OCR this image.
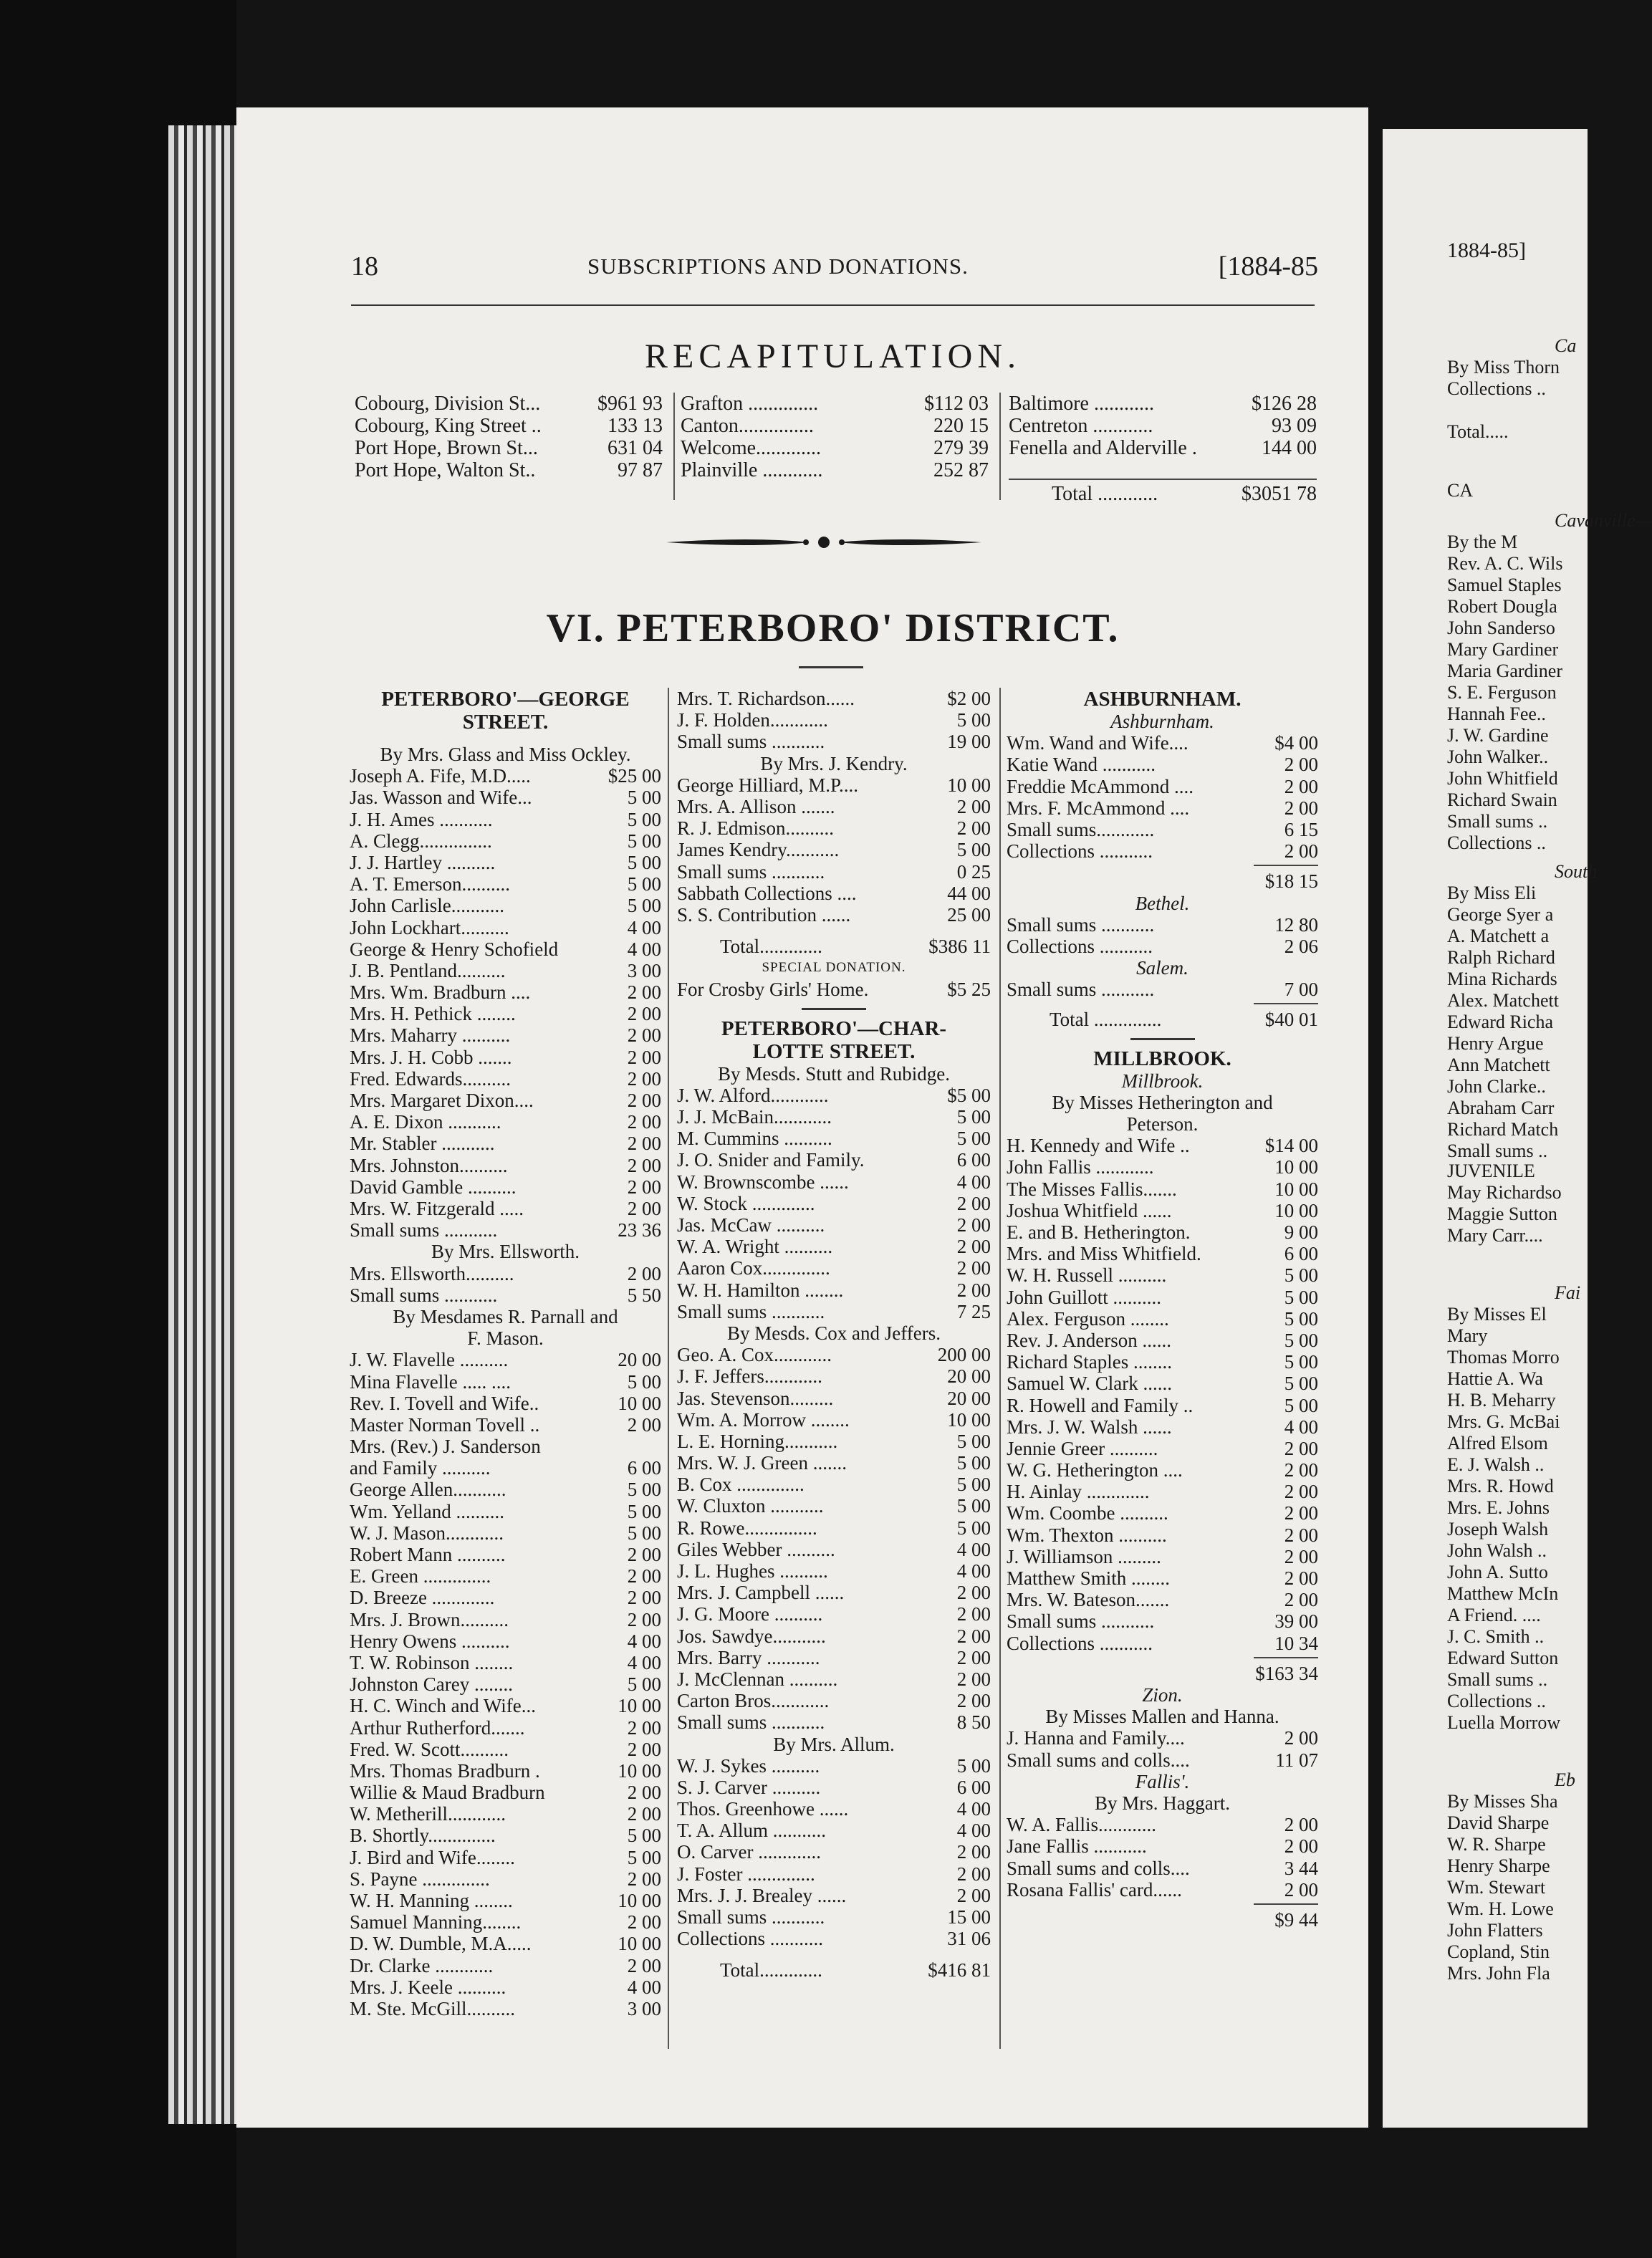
1884-85]
Ca
By Miss Thorn
Collections ..
Total.....
CA
Cavanville—
By the M
Rev. A. C. Wils
Samuel Staples
Robert Dougla
John Sanderso
Mary Gardiner
Maria Gardiner
S. E. Ferguson
Hannah Fee..
J. W. Gardine
John Walker..
John Whitfield
Richard Swain
Small sums ..
Collections ..
South
By Miss Eli
George Syer a
A. Matchett a
Ralph Richard
Mina Richards
Alex. Matchett
Edward Richa
Henry Argue
Ann Matchett
John Clarke..
Abraham Carr
Richard Match
Small sums ..
JUVENILE
May Richardso
Maggie Sutton
Mary Carr....
Fai
By Misses El
Mary
Thomas Morro
Hattie A. Wa
H. B. Meharry
Mrs. G. McBai
Alfred Elsom
E. J. Walsh ..
Mrs. R. Howd
Mrs. E. Johns
Joseph Walsh
John Walsh ..
John A. Sutto
Matthew McIn
A Friend. ....
J. C. Smith ..
Edward Sutton
Small sums ..
Collections ..
Luella Morrow
Eb
By Misses Sha
David Sharpe
W. R. Sharpe
Henry Sharpe
Wm. Stewart
Wm. H. Lowe
John Flatters
Copland, Stin
Mrs. John Fla
18	SUBSCRIPTIONS AND DONATIONS.	[1884-85
RECAPITULATION.
Cobourg, Division St...	$961 93
Cobourg, King Street ..	133 13
Port Hope, Brown St...	631 04
Port Hope, Walton St..	97 87
Grafton ..............	$112 03
Canton...............	220 15
Welcome.............	279 39
Plainville ............	252 87
Baltimore ............	$126 28
Centreton ............	93 09
Fenella and Alderville .	144 00
Total ............	$3051 78
VI. PETERBORO' DISTRICT.
PETERBORO'—GEORGE
STREET.
By Mrs. Glass and Miss Ockley.
Joseph A. Fife, M.D.....	$25 00
Jas. Wasson and Wife...	5 00
J. H. Ames ...........	5 00
A. Clegg...............	5 00
J. J. Hartley ..........	5 00
A. T. Emerson..........	5 00
John Carlisle...........	5 00
John Lockhart..........	4 00
George & Henry Schofield	4 00
J. B. Pentland..........	3 00
Mrs. Wm. Bradburn ....	2 00
Mrs. H. Pethick ........	2 00
Mrs. Maharry ..........	2 00
Mrs. J. H. Cobb .......	2 00
Fred. Edwards..........	2 00
Mrs. Margaret Dixon....	2 00
A. E. Dixon ...........	2 00
Mr. Stabler ...........	2 00
Mrs. Johnston..........	2 00
David Gamble ..........	2 00
Mrs. W. Fitzgerald .....	2 00
Small sums ...........	23 36
By Mrs. Ellsworth.
Mrs. Ellsworth..........	2 00
Small sums ...........	5 50
By Mesdames R. Parnall and
F. Mason.
J. W. Flavelle ..........	20 00
Mina Flavelle ..... ....	5 00
Rev. I. Tovell and Wife..	10 00
Master Norman Tovell ..	2 00
Mrs. (Rev.) J. Sanderson
and Family ..........	6 00
George Allen...........	5 00
Wm. Yelland ..........	5 00
W. J. Mason............	5 00
Robert Mann ..........	2 00
E. Green ..............	2 00
D. Breeze .............	2 00
Mrs. J. Brown..........	2 00
Henry Owens ..........	4 00
T. W. Robinson ........	4 00
Johnston Carey ........	5 00
H. C. Winch and Wife...	10 00
Arthur Rutherford.......	2 00
Fred. W. Scott..........	2 00
Mrs. Thomas Bradburn .	10 00
Willie & Maud Bradburn	2 00
W. Metherill............	2 00
B. Shortly..............	5 00
J. Bird and Wife........	5 00
S. Payne ..............	2 00
W. H. Manning ........	10 00
Samuel Manning........	2 00
D. W. Dumble, M.A.....	10 00
Dr. Clarke ............	2 00
Mrs. J. Keele ..........	4 00
M. Ste. McGill..........	3 00
Mrs. T. Richardson......	$2 00
J. F. Holden............	5 00
Small sums ...........	19 00
By Mrs. J. Kendry.
George Hilliard, M.P....	10 00
Mrs. A. Allison .......	2 00
R. J. Edmison..........	2 00
James Kendry...........	5 00
Small sums ...........	0 25
Sabbath Collections ....	44 00
S. S. Contribution ......	25 00
Total.............	$386 11
SPECIAL DONATION.
For Crosby Girls' Home.	$5 25
PETERBORO'—CHAR-
LOTTE STREET.
By Mesds. Stutt and Rubidge.
J. W. Alford............	$5 00
J. J. McBain............	5 00
M. Cummins ..........	5 00
J. O. Snider and Family.	6 00
W. Brownscombe ......	4 00
W. Stock .............	2 00
Jas. McCaw ..........	2 00
W. A. Wright ..........	2 00
Aaron Cox..............	2 00
W. H. Hamilton ........	2 00
Small sums ...........	7 25
By Mesds. Cox and Jeffers.
Geo. A. Cox............	200 00
J. F. Jeffers............	20 00
Jas. Stevenson.........	20 00
Wm. A. Morrow ........	10 00
L. E. Horning...........	5 00
Mrs. W. J. Green .......	5 00
B. Cox ..............	5 00
W. Cluxton ...........	5 00
R. Rowe...............	5 00
Giles Webber ..........	4 00
J. L. Hughes ..........	4 00
Mrs. J. Campbell ......	2 00
J. G. Moore ..........	2 00
Jos. Sawdye...........	2 00
Mrs. Barry ...........	2 00
J. McClennan ..........	2 00
Carton Bros............	2 00
Small sums ...........	8 50
By Mrs. Allum.
W. J. Sykes ..........	5 00
S. J. Carver ..........	6 00
Thos. Greenhowe ......	4 00
T. A. Allum ...........	4 00
O. Carver .............	2 00
J. Foster ..............	2 00
Mrs. J. J. Brealey ......	2 00
Small sums ...........	15 00
Collections ...........	31 06
Total.............	$416 81
ASHBURNHAM.
Ashburnham.
Wm. Wand and Wife....	$4 00
Katie Wand ...........	2 00
Freddie McAmmond ....	2 00
Mrs. F. McAmmond ....	2 00
Small sums............	6 15
Collections ...........	2 00
$18 15
Bethel.
Small sums ...........	12 80
Collections ...........	2 06
Salem.
Small sums ...........	7 00
Total ..............	$40 01
MILLBROOK.
Millbrook.
By Misses Hetherington and
Peterson.
H. Kennedy and Wife ..	$14 00
John Fallis ............	10 00
The Misses Fallis.......	10 00
Joshua Whitfield ......	10 00
E. and B. Hetherington.	9 00
Mrs. and Miss Whitfield.	6 00
W. H. Russell ..........	5 00
John Guillott ..........	5 00
Alex. Ferguson ........	5 00
Rev. J. Anderson ......	5 00
Richard Staples ........	5 00
Samuel W. Clark ......	5 00
R. Howell and Family ..	5 00
Mrs. J. W. Walsh ......	4 00
Jennie Greer ..........	2 00
W. G. Hetherington ....	2 00
H. Ainlay .............	2 00
Wm. Coombe ..........	2 00
Wm. Thexton ..........	2 00
J. Williamson .........	2 00
Matthew Smith ........	2 00
Mrs. W. Bateson.......	2 00
Small sums ...........	39 00
Collections ...........	10 34
$163 34
Zion.
By Misses Mallen and Hanna.
J. Hanna and Family....	2 00
Small sums and colls....	11 07
Fallis'.
By Mrs. Haggart.
W. A. Fallis............	2 00
Jane Fallis ...........	2 00
Small sums and colls....	3 44
Rosana Fallis' card......	2 00
$9 44
